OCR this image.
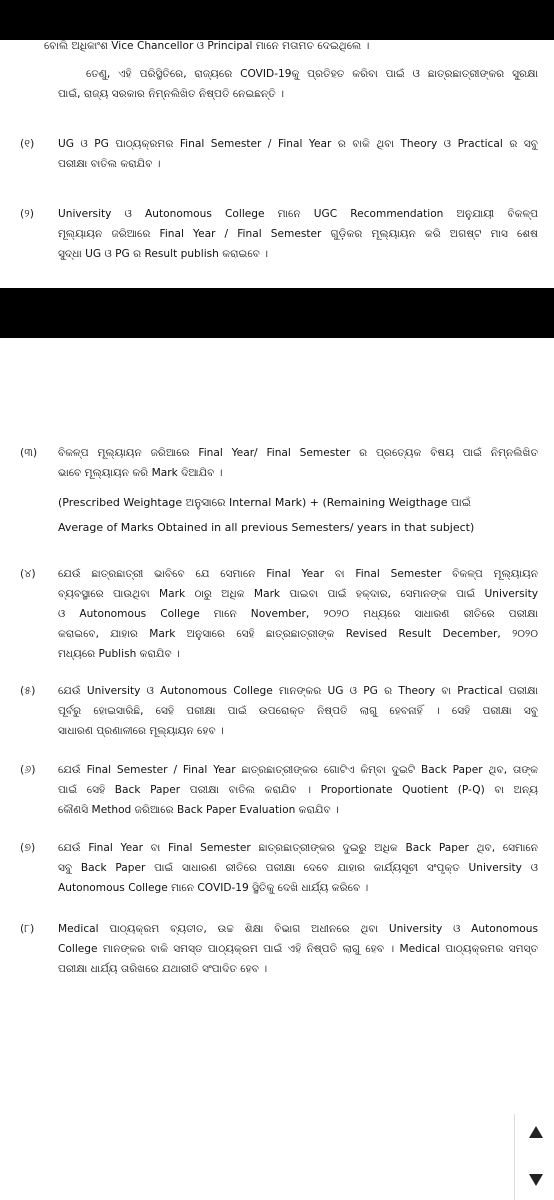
ବୋଲି ଅଧିକାଂଶ Vice Chancellor ଓ Principal ମାନେ ମତାମତ ଦେଇଥିଲେ ।
ତେଣୁ, ଏହି ପରିସ୍ଥିତିରେ, ରାଜ୍ୟରେ COVID-19କୁ ପ୍ରତିହତ କରିବା ପାଇଁ ଓ ଛାତ୍ରଛାତ୍ରୀଙ୍କର ସୁରକ୍ଷା
ପାଇଁ, ରାଜ୍ୟ ସରକାର ନିମ୍ନଲିଖିତ ନିଷ୍ପତି ନେଇଛନ୍ତି ।
(୧) UG ଓ PG ପାଠ୍ୟକ୍ରମର Final Semester / Final Year ର ବାକି ଥିବା Theory ଓ Practical ର ସବୁ
ପରୀକ୍ଷା ବାତିଲ କରାଯିବ ।
(୨) University ଓ Autonomous College ମାନେ UGC Recommendation ଅନୁଯାୟୀ ବିକଳ୍ପ
ମୂଲ୍ୟାୟନ ଜରିଆରେ Final Year / Final Semester ଗୁଡ଼ିକର ମୂଲ୍ୟାୟନ କରି ଅଗଷ୍ଟ ମାସ ଶେଷ
ସୁଦ୍ଧା UG ଓ PG ର Result publish କରାଇବେ ।
(୩) ବିକଳ୍ପ ମୂଲ୍ୟାୟନ ଜରିଆରେ Final Year/ Final Semester ର ପ୍ରତ୍ୟେକ ବିଷୟ ପାଇଁ ନିମ୍ନଲିଖିତ
ଭାବେ ମୂଲ୍ୟାୟନ କରି Mark ଦିଆଯିବ ।
(Prescribed Weightage ଅନୁସାରେ Internal Mark) + (Remaining Weigthage ପାଇଁ
Average of Marks Obtained in all previous Semesters/ years in that subject)
(୪) ଯେଉଁ ଛାତ୍ରଛାତ୍ରୀ ଭାବିବେ ଯେ ସେମାନେ Final Year ବା Final Semester ବିକଳ୍ପ ମୂଲ୍ୟାୟନ
ବ୍ୟବସ୍ଥାରେ ପାଉଥିବା Mark ଠାରୁ ଅଧିକ Mark ପାଇବା ପାଇଁ ହକ୍‌ଦାର, ସେମାନଙ୍କ ପାଇଁ University
ଓ Autonomous College ମାନେ November, ୨୦୨୦ ମଧ୍ୟରେ ସାଧାରଣ ରୀତିରେ ପରୀକ୍ଷା
କରାଇବେ, ଯାହାର Mark ଅନୁସାରେ ସେହି ଛାତ୍ରଛାତ୍ରୀଙ୍କ Revised Result December, ୨୦୨୦
ମଧ୍ୟରେ Publish କରାଯିବ ।
(୫) ଯେଉଁ University ଓ Autonomous College ମାନଙ୍କର UG ଓ PG ର Theory ବା Practical ପରୀକ୍ଷା
ପୂର୍ବରୁ ହୋଇସାରିଛି, ସେହି ପରୀକ୍ଷା ପାଇଁ ଉପରୋକ୍ତ ନିଷ୍ପତି ଲାଗୁ ହେବନାହିଁ । ସେହି ପରୀକ୍ଷା ସବୁ
ସାଧାରଣ ପ୍ରଣାଳୀରେ ମୂଲ୍ୟାୟନ ହେବ ।
(୬) ଯେଉଁ Final Semester / Final Year ଛାତ୍ରଛାତ୍ରୀଙ୍କର ଗୋଟିଏ କିମ୍ବା ଦୁଇଟି Back Paper ଥିବ, ତାଙ୍କ
ପାଇଁ ସେହି Back Paper ପରୀକ୍ଷା ବାତିଲ କରାଯିବ । Proportionate Quotient (P-Q) ବା ଅନ୍ୟ
କୌଣସି Method ଜରିଆରେ Back Paper Evaluation କରାଯିବ ।
(୭) ଯେଉଁ Final Year ବା Final Semester ଛାତ୍ରଛାତ୍ରୀଙ୍କର ଦୁଇରୁ ଅଧିକ Back Paper ଥିବ, ସେମାନେ
ସବୁ Back Paper ପାଇଁ ସାଧାରଣ ରୀତିରେ ପରୀକ୍ଷା ଦେବେ ଯାହାର କାର୍ଯ୍ୟସୂଚୀ ସଂପୃକ୍ତ University ଓ
Autonomous College ମାନେ COVID-19 ସ୍ଥିତିକୁ ଦେଖି ଧାର୍ଯ୍ୟ କରିବେ ।
(୮) Medical ପାଠ୍ୟକ୍ରମ ବ୍ୟତୀତ, ଉଚ୍ଚ ଶିକ୍ଷା ବିଭାଗ ଅଧୀନରେ ଥିବା University ଓ Autonomous
College ମାନଙ୍କର ବାକି ସମସ୍ତ ପାଠ୍ୟକ୍ରମ ପାଇଁ ଏହି ନିଷ୍ପତି ଲାଗୁ ହେବ । Medical ପାଠ୍ୟକ୍ରମର ସମସ୍ତ
ପରୀକ୍ଷା ଧାର୍ଯ୍ୟ ତାରିଖରେ ଯଥାରୀତି ସଂପାଦିତ ହେବ ।
